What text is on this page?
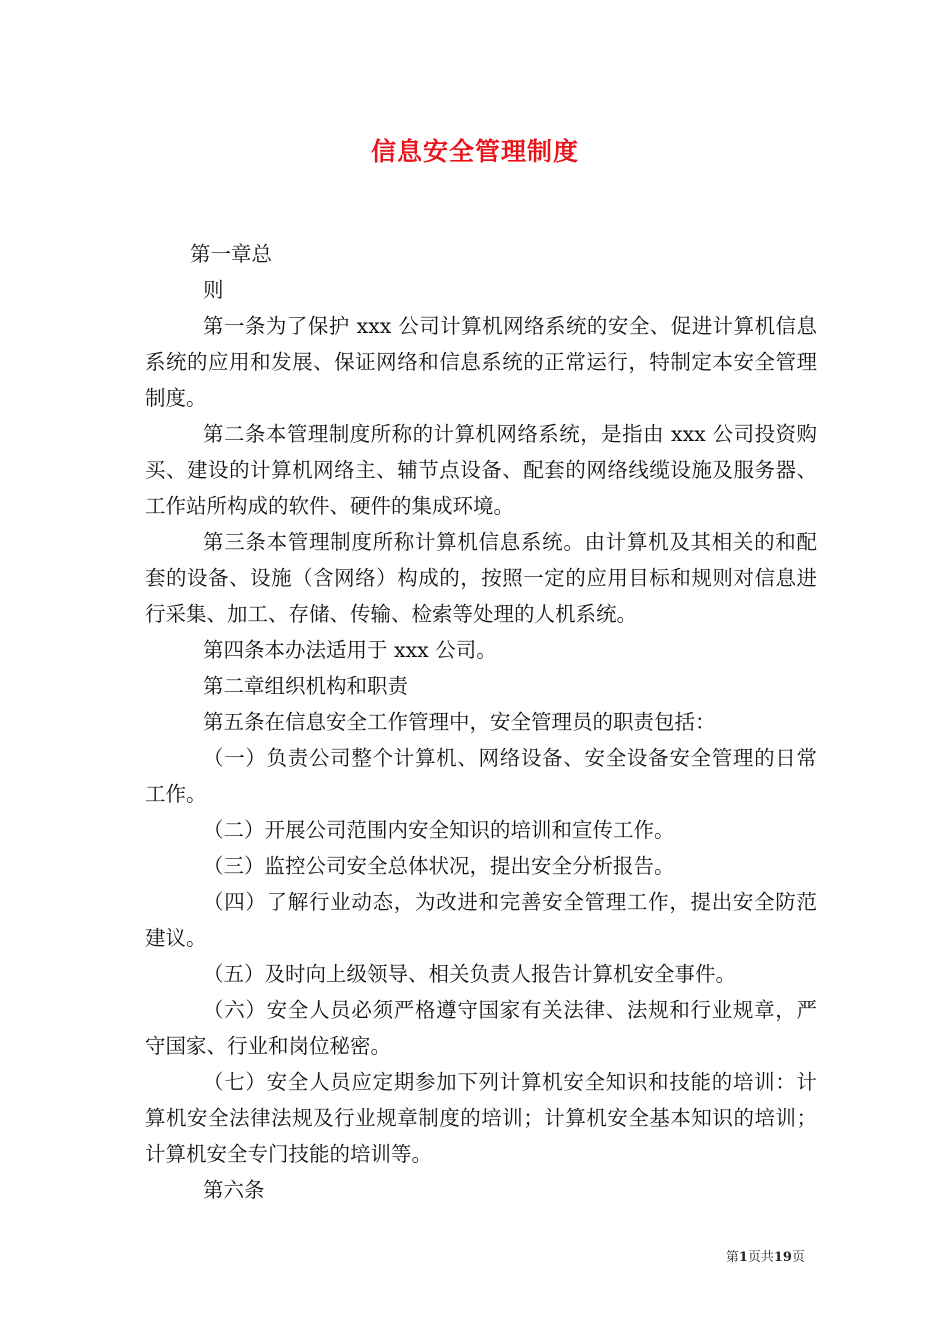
信息安全管理制度

第一章总

则

第一条为了保护 xxx 公司计算机网络系统的安全、促进计算机信息系统的应用和发展、保证网络和信息系统的正常运行，特制定本安全管理制度。

第二条本管理制度所称的计算机网络系统，是指由 xxx 公司投资购买、建设的计算机网络主、辅节点设备、配套的网络线缆设施及服务器、工作站所构成的软件、硬件的集成环境。

第三条本管理制度所称计算机信息系统。由计算机及其相关的和配套的设备、设施（含网络）构成的，按照一定的应用目标和规则对信息进行采集、加工、存储、传输、检索等处理的人机系统。

第四条本办法适用于 xxx 公司。

第二章组织机构和职责

第五条在信息安全工作管理中，安全管理员的职责包括：

（一）负责公司整个计算机、网络设备、安全设备安全管理的日常工作。

（二）开展公司范围内安全知识的培训和宣传工作。

（三）监控公司安全总体状况，提出安全分析报告。

（四）了解行业动态，为改进和完善安全管理工作，提出安全防范建议。

（五）及时向上级领导、相关负责人报告计算机安全事件。

（六）安全人员必须严格遵守国家有关法律、法规和行业规章，严守国家、行业和岗位秘密。

（七）安全人员应定期参加下列计算机安全知识和技能的培训：计算机安全法律法规及行业规章制度的培训；计算机安全基本知识的培训；计算机安全专门技能的培训等。

第六条

第1页共19页
